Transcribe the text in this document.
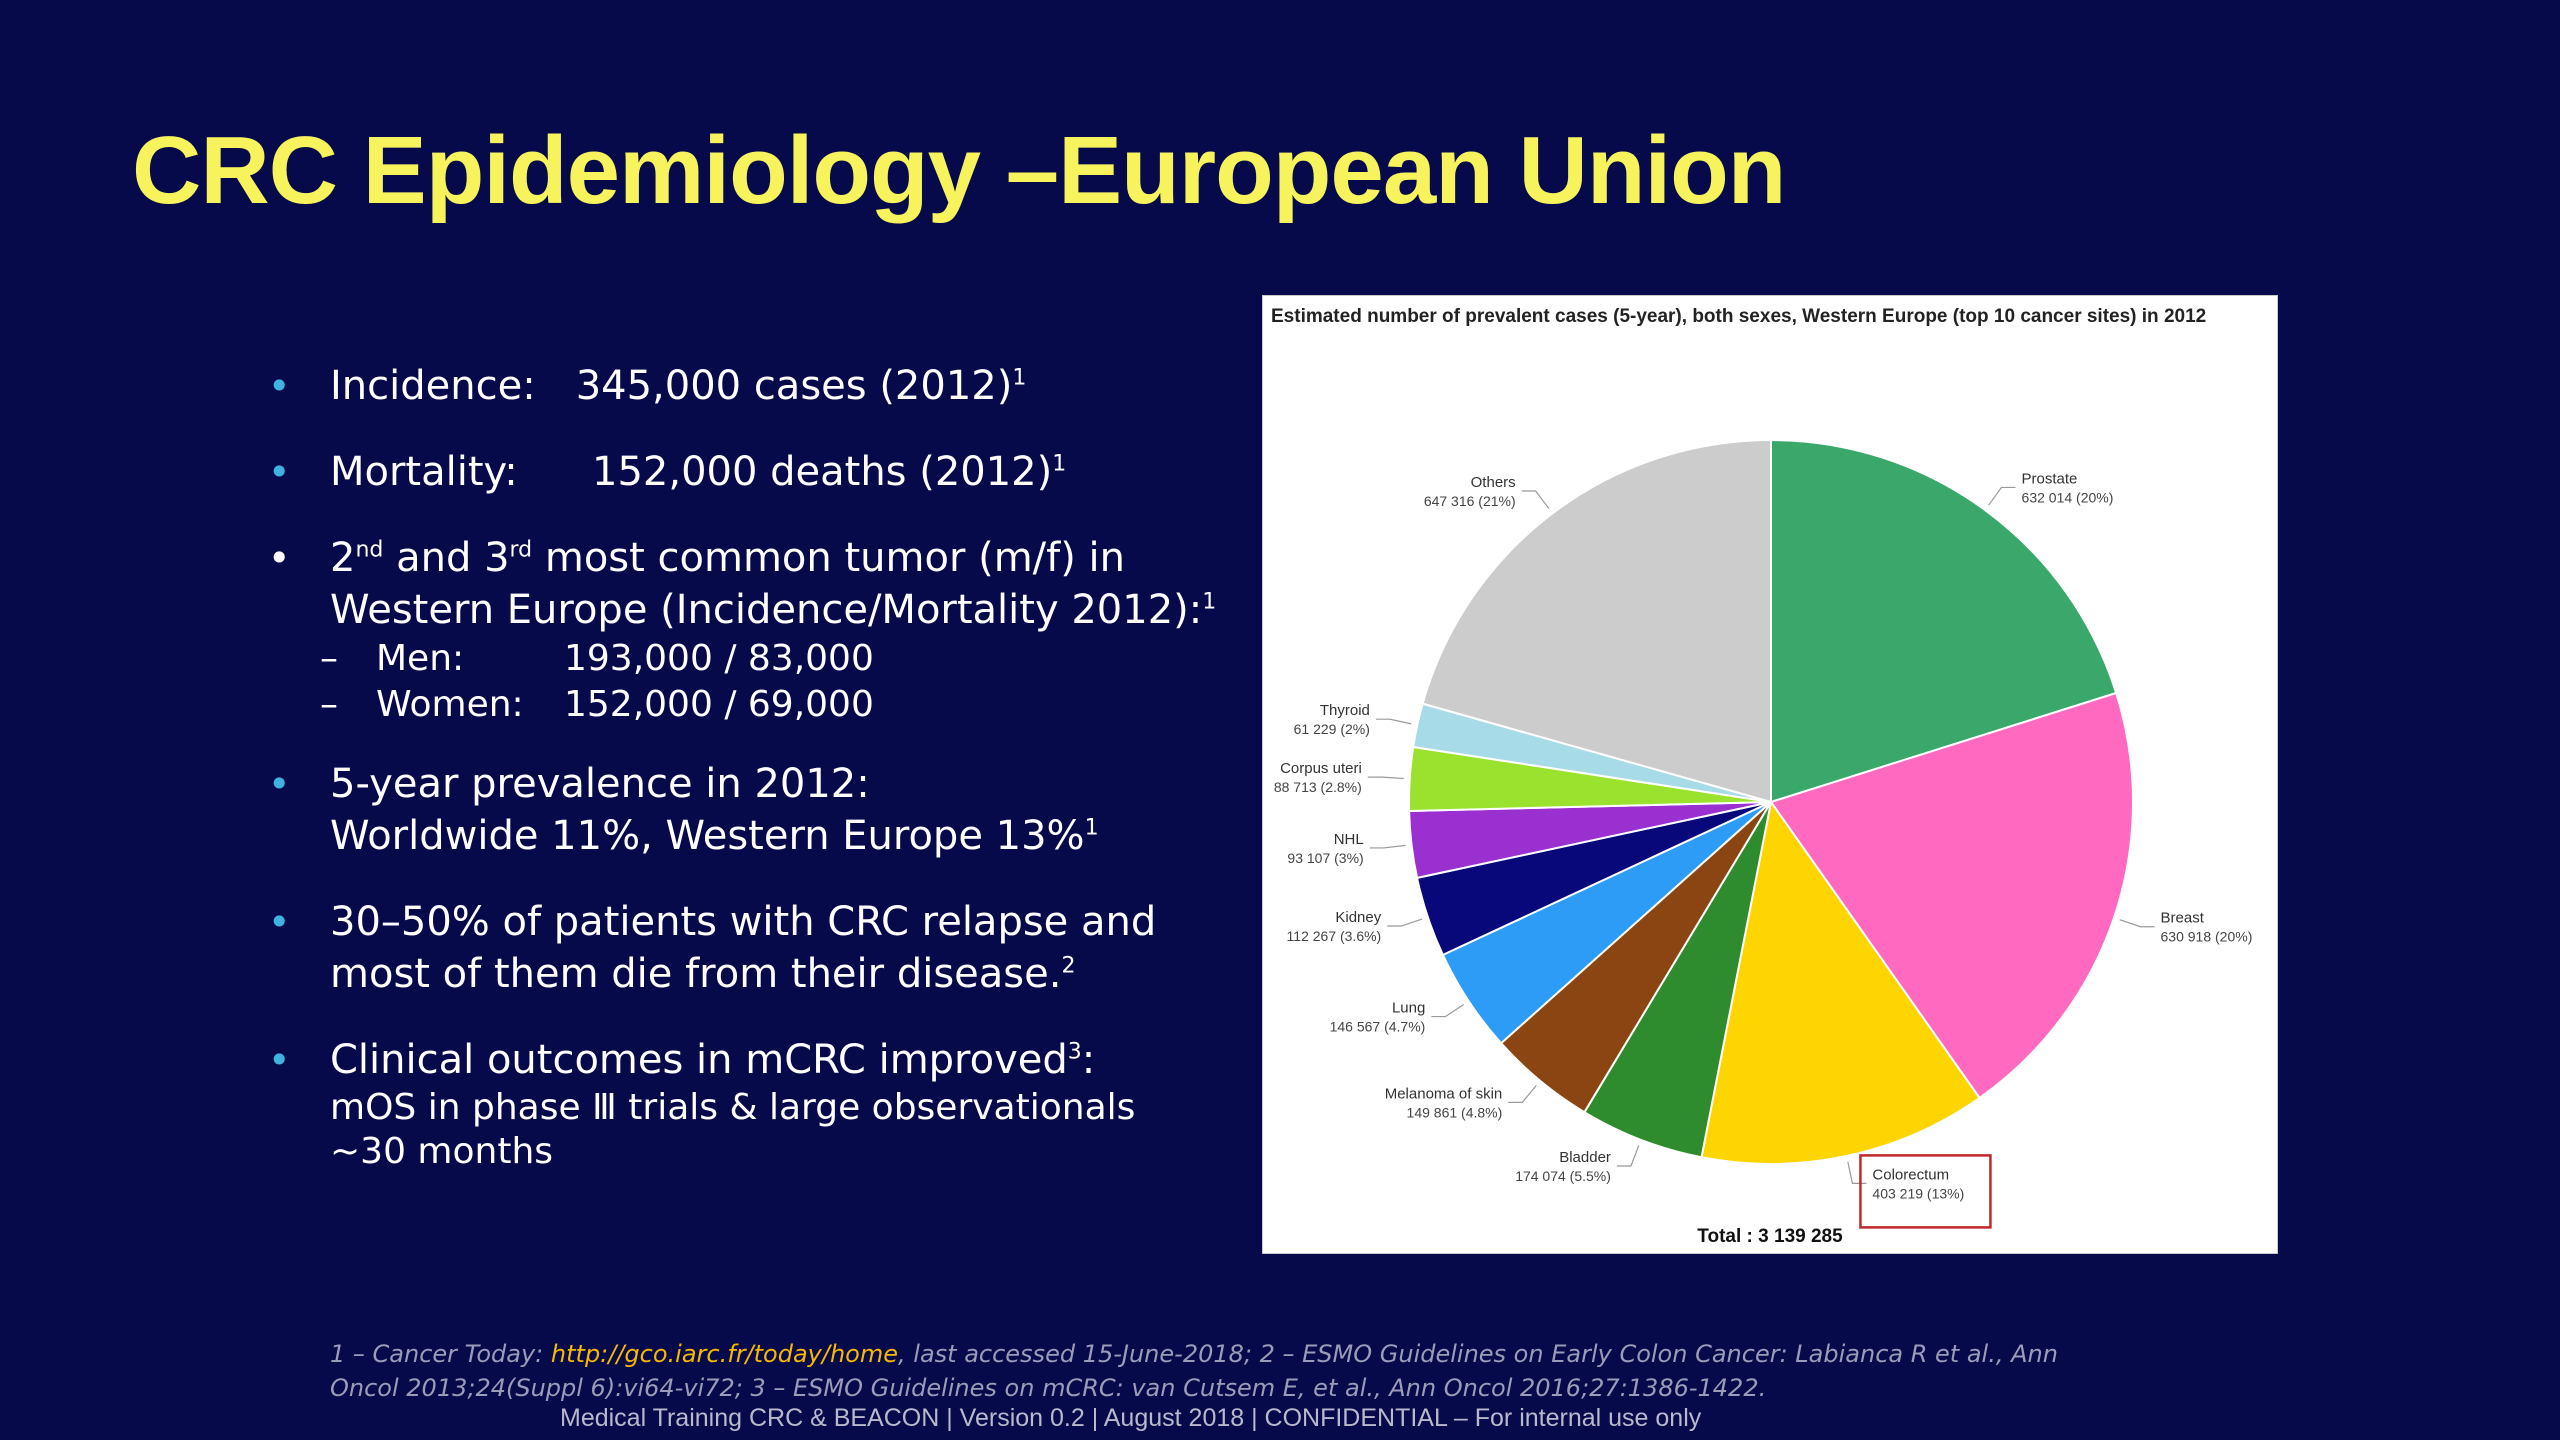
CRC Epidemiology –European Union
• Incidence: 345,000 cases $(2012)^1$
• Mortality: 152,000 deaths $(2012)^1$
• 2nd and 3rd most common tumor (m/f) in
Western Europe (Incidence/Mortality 2012):$^1$
– Men:	193,000 / 83,000
– Women: 152,000 / 69,000
• 5-year prevalence in 2012:
Worldwide 11%, Western Europe 13%$^1$
• 30–50% of patients with CRC relapse and
most of them die from their disease.$^2$
• Clinical outcomes in mCRC improved$^3$:
mOS in phase Ⅲ trials & large observationals
~30 months
Prostate
632 014 (20%)
Breast
630 918 (20%)
Colorectum
403 219 (13%)
Bladder
174 074 (5.5%)
Melanoma of skin
149 861 (4.8%)
Lung
146 567 (4.7%)
Kidney
112 267 (3.6%)
NHL
93 107 (3%)
Corpus uteri
88 713 (2.8%)
Thyroid
61 229 (2%)
Others
647 316 (21%)
Estimated number of prevalent cases (5-year), both sexes, Western Europe (top 10 cancer sites) in 2012
Total : 3 139 285
1 – Cancer Today: http://gco.iarc.fr/today/home, last accessed 15-June-2018; 2 – ESMO Guidelines on Early Colon Cancer: Labianca R et al., Ann Oncol 2013;24(Suppl 6):vi64-vi72; 3 – ESMO Guidelines on mCRC: van Cutsem E, et al., Ann Oncol 2016;27:1386-1422.
Medical Training CRC & BEACON | Version 0.2 | August 2018 | CONFIDENTIAL – For internal use only
